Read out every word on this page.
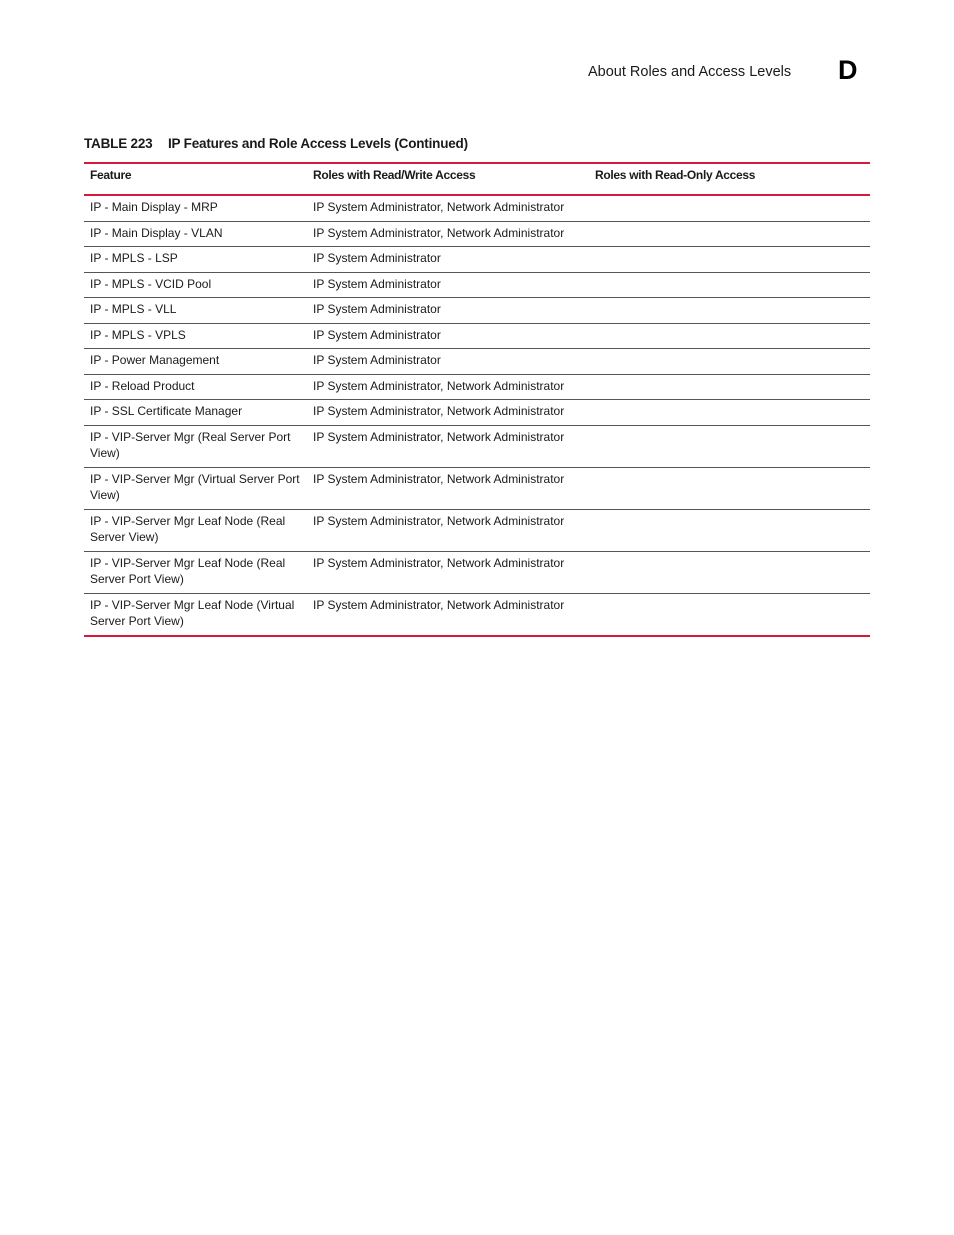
About Roles and Access Levels D
TABLE 223 IP Features and Role Access Levels (Continued)
Feature	Roles with Read/Write Access	Roles with Read-Only Access
IP - Main Display - MRP	IP System Administrator, Network Administrator	
IP - Main Display - VLAN	IP System Administrator, Network Administrator	
IP - MPLS - LSP	IP System Administrator	
IP - MPLS - VCID Pool	IP System Administrator	
IP - MPLS - VLL	IP System Administrator	
IP - MPLS - VPLS	IP System Administrator	
IP - Power Management	IP System Administrator	
IP - Reload Product	IP System Administrator, Network Administrator	
IP - SSL Certificate Manager	IP System Administrator, Network Administrator	
IP - VIP-Server Mgr (Real Server Port View)	IP System Administrator, Network Administrator	
IP - VIP-Server Mgr (Virtual Server Port View)	IP System Administrator, Network Administrator	
IP - VIP-Server Mgr Leaf Node (Real Server View)	IP System Administrator, Network Administrator	
IP - VIP-Server Mgr Leaf Node (Real Server Port View)	IP System Administrator, Network Administrator	
IP - VIP-Server Mgr Leaf Node (Virtual Server Port View)	IP System Administrator, Network Administrator	
